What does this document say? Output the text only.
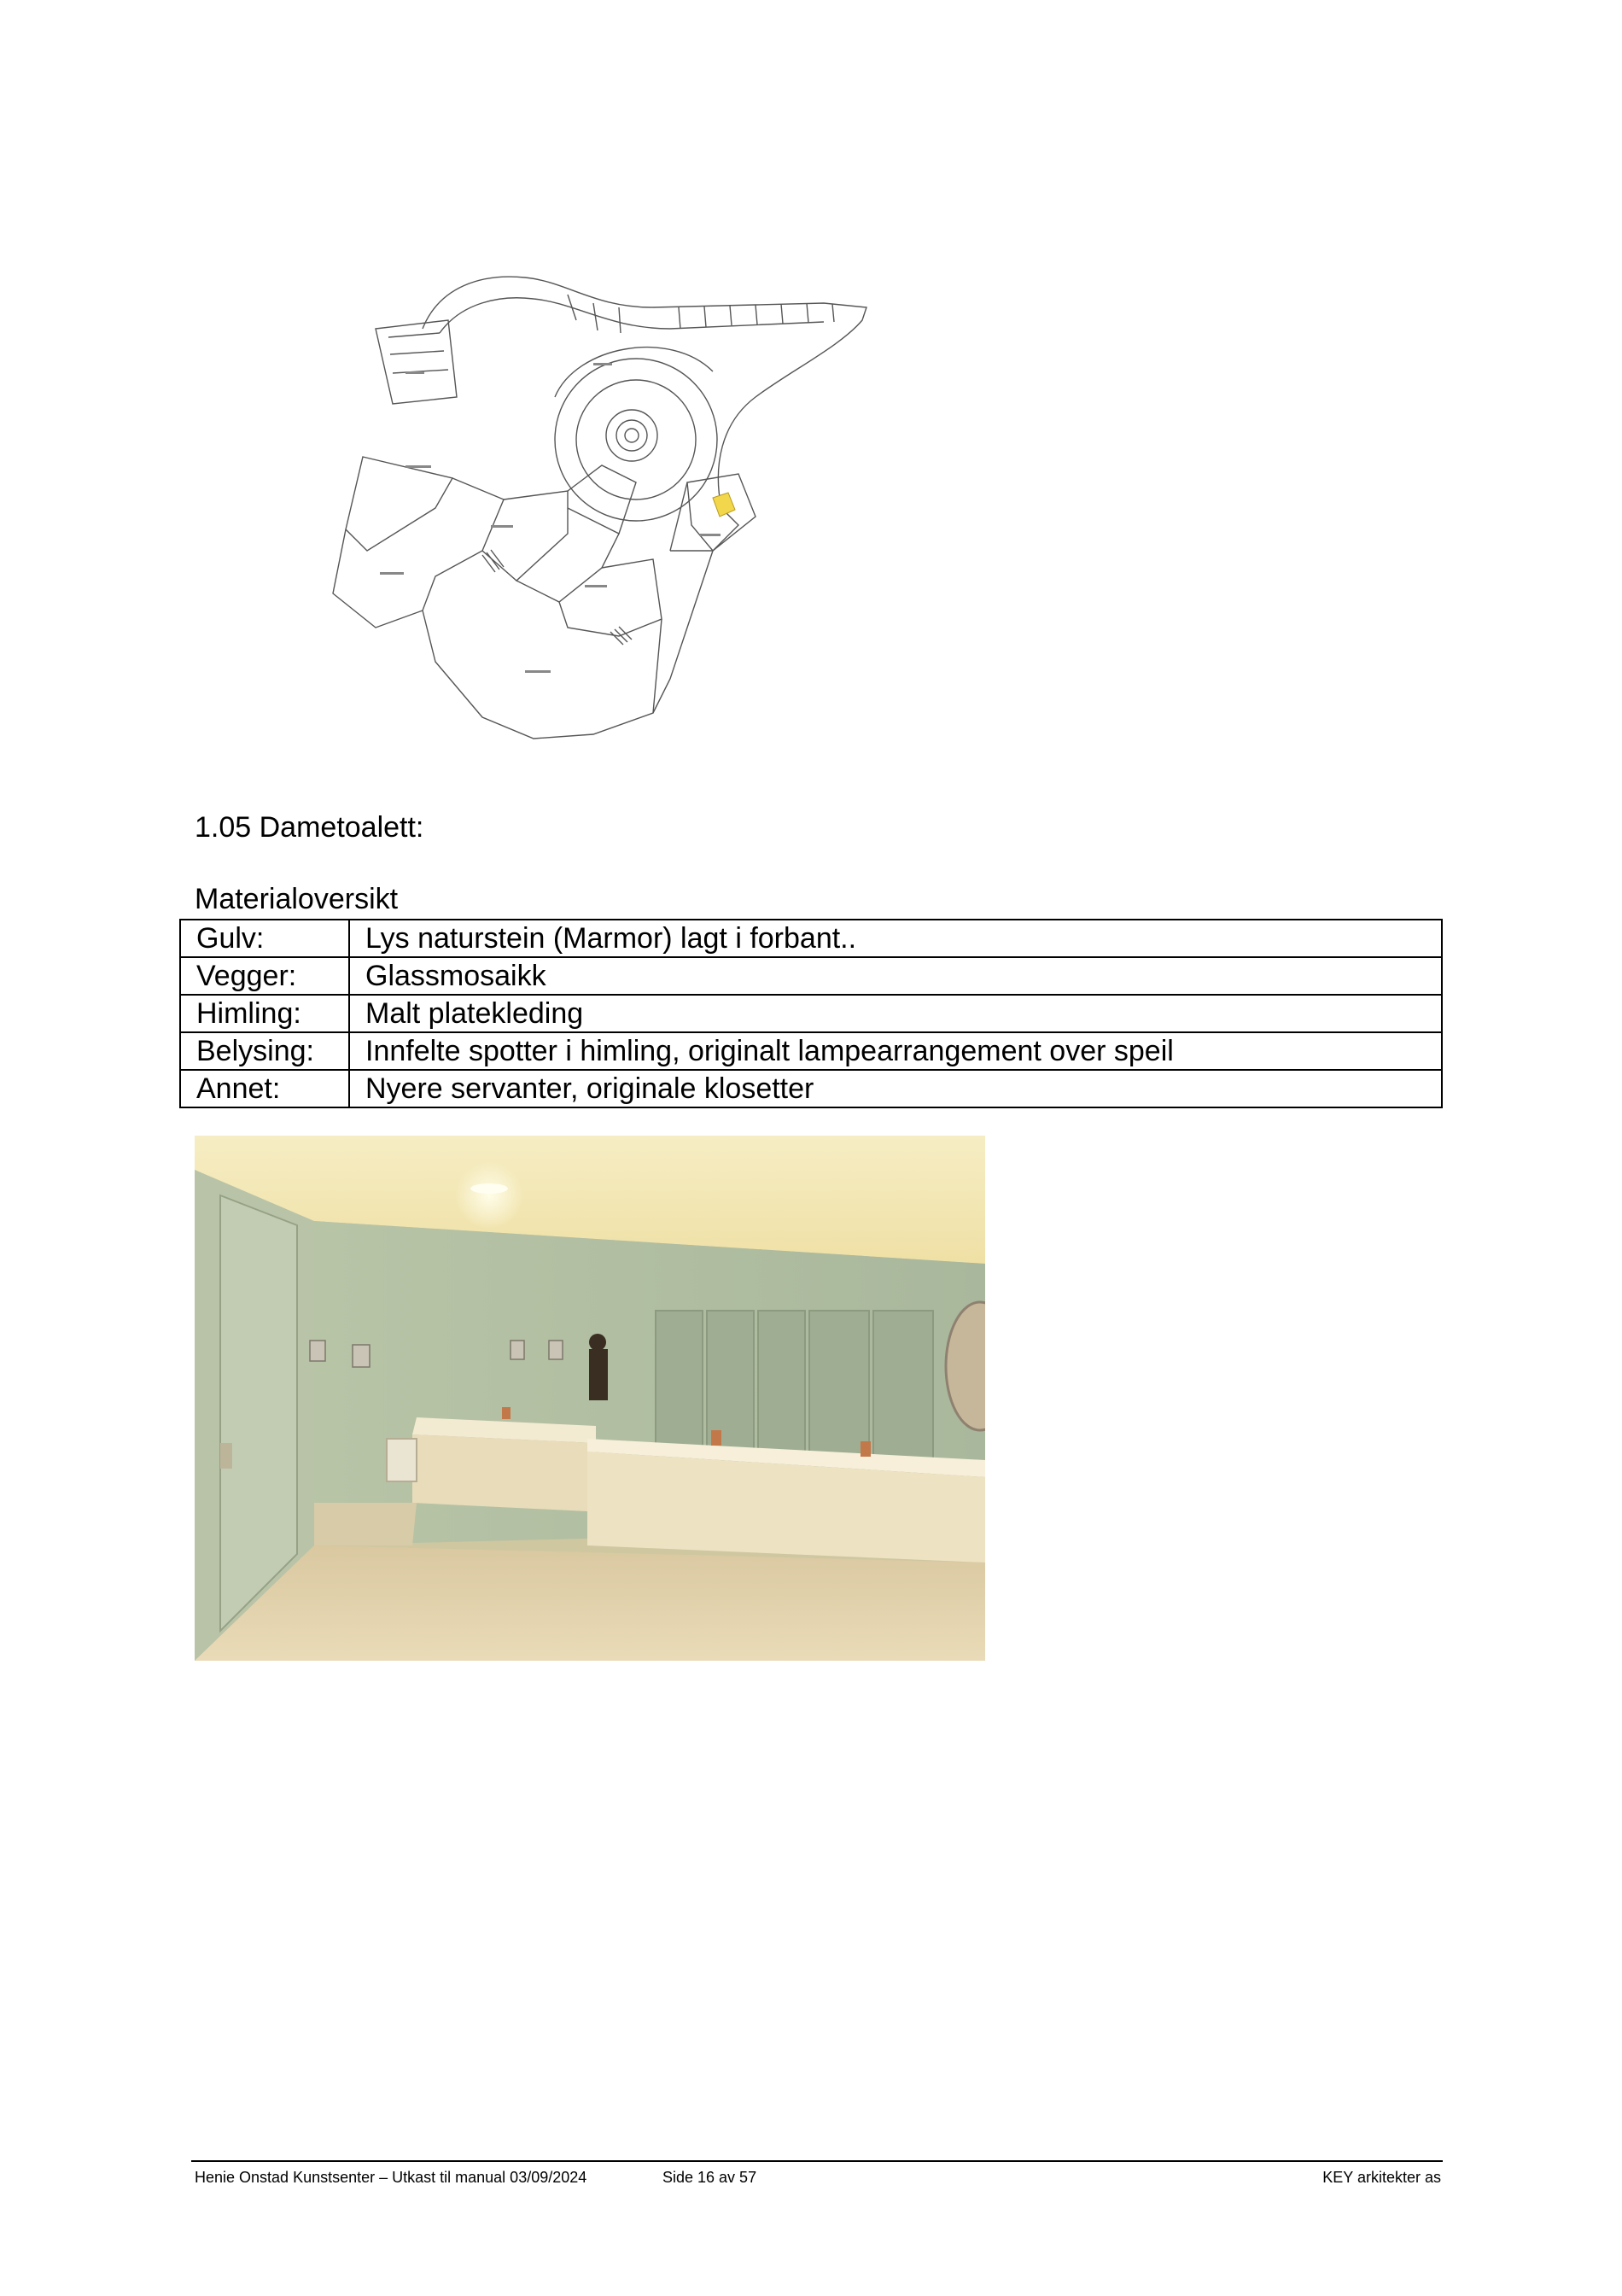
1.05 Dametoalett:
Materialoversikt
Gulv:	Lys naturstein (Marmor) lagt i forbant..
Vegger:	Glassmosaikk
Himling:	Malt platekleding
Belysing:	Innfelte spotter i himling, originalt lampearrangement over speil
Annet:	Nyere servanter, originale klosetter
Henie Onstad Kunstsenter – Utkast til manual 03/09/2024	Side 16 av 57	KEY arkitekter as
